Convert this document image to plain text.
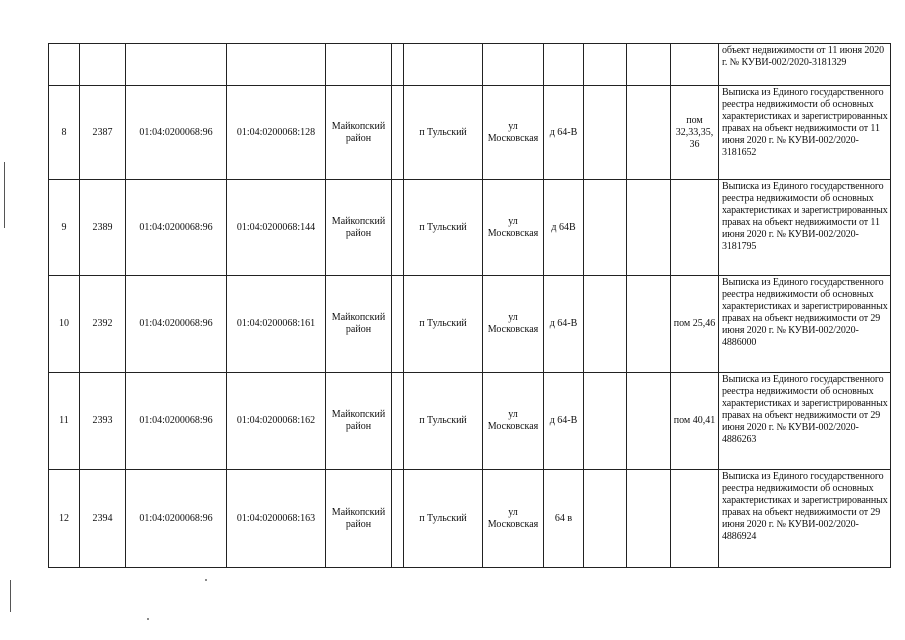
												объект недвижимости от 11 июня 2020 г. № КУВИ-002/2020-3181329
8	2387	01:04:0200068:96	01:04:0200068:128	Майкопский район		п Тульский	ул Московская	д 64-В			пом 32,33,35, 36	Выписка из Единого государственного реестра недвижимости об основных характеристиках и зарегистрированных правах на объект недвижимости от 11 июня 2020 г. № КУВИ-002/2020-3181652
9	2389	01:04:0200068:96	01:04:0200068:144	Майкопский район		п Тульский	ул Московская	д 64В				Выписка из Единого государственного реестра недвижимости об основных характеристиках и зарегистрированных правах на объект недвижимости от 11 июня 2020 г. № КУВИ-002/2020-3181795
10	2392	01:04:0200068:96	01:04:0200068:161	Майкопский район		п Тульский	ул Московская	д 64-В			пом 25,46	Выписка из Единого государственного реестра недвижимости об основных характеристиках и зарегистрированных правах на объект недвижимости от 29 июня 2020 г. № КУВИ-002/2020-4886000
11	2393	01:04:0200068:96	01:04:0200068:162	Майкопский район		п Тульский	ул Московская	д 64-В			пом 40,41	Выписка из Единого государственного реестра недвижимости об основных характеристиках и зарегистрированных правах на объект недвижимости от 29 июня 2020 г. № КУВИ-002/2020-4886263
12	2394	01:04:0200068:96	01:04:0200068:163	Майкопский район		п Тульский	ул Московская	64 в				Выписка из Единого государственного реестра недвижимости об основных характеристиках и зарегистрированных правах на объект недвижимости от 29 июня 2020 г. № КУВИ-002/2020-4886924
